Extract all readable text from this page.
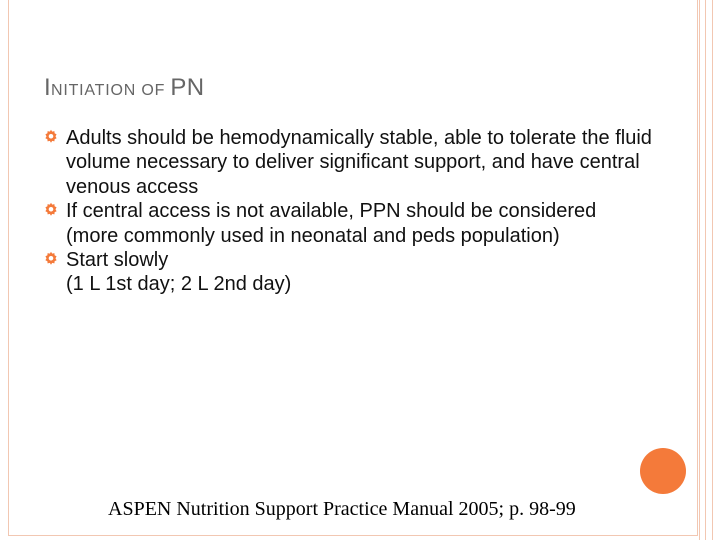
INITIATION OF PN
Adults should be hemodynamically stable, able to tolerate the fluid volume necessary to deliver significant support, and have central venous access
If central access is not available, PPN should be considered (more commonly used in neonatal and peds population)
Start slowly
(1 L 1st day; 2 L 2nd day)

ASPEN Nutrition Support Practice Manual 2005; p. 98-99
